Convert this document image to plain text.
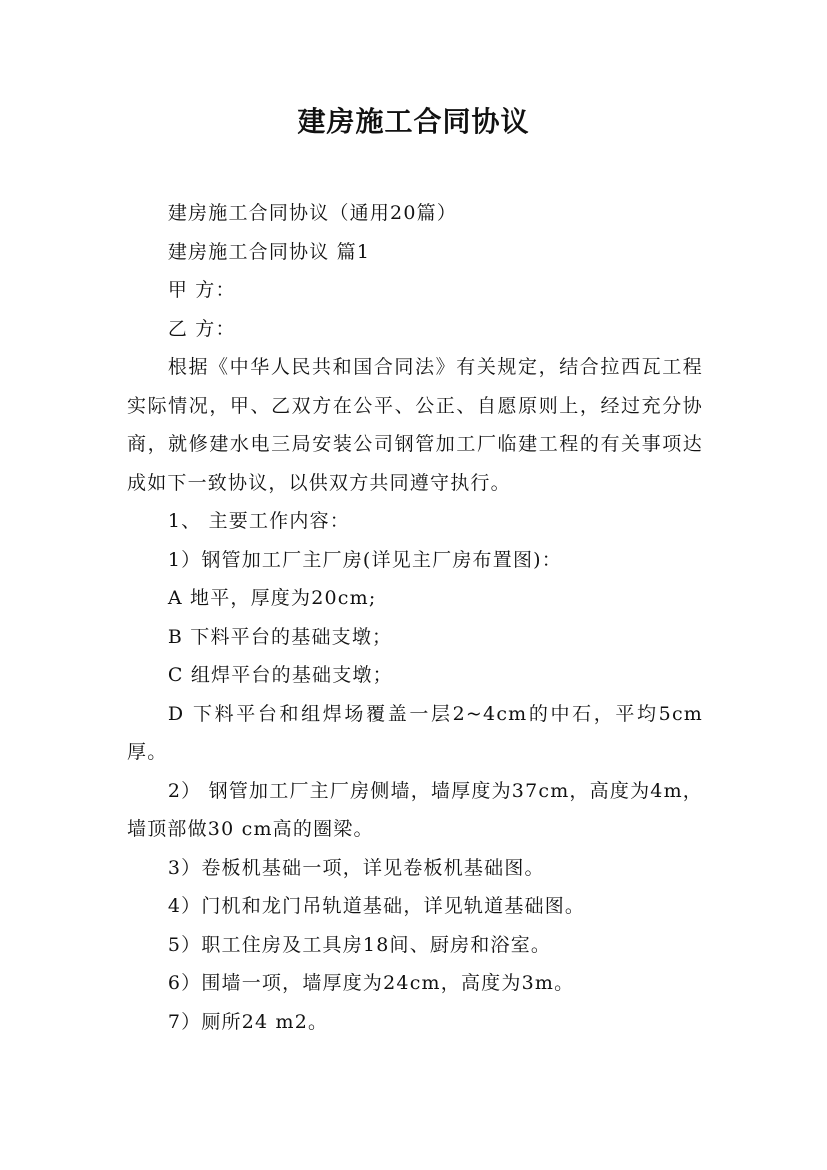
建房施工合同协议

建房施工合同协议（通用20篇）

建房施工合同协议 篇1

甲 方：

乙 方：

根据《中华人民共和国合同法》有关规定，结合拉西瓦工程实际情况，甲、乙双方在公平、公正、自愿原则上，经过充分协商，就修建水电三局安装公司钢管加工厂临建工程的有关事项达成如下一致协议，以供双方共同遵守执行。

1、 主要工作内容：

1）钢管加工厂主厂房(详见主厂房布置图)：

A 地平，厚度为20cm;

B 下料平台的基础支墩；

C 组焊平台的基础支墩；

D 下料平台和组焊场覆盖一层2~4cm的中石，平均5cm厚。

2） 钢管加工厂主厂房侧墙，墙厚度为37cm，高度为4m，墙顶部做30 cm高的圈梁。

3）卷板机基础一项，详见卷板机基础图。

4）门机和龙门吊轨道基础，详见轨道基础图。

5）职工住房及工具房18间、厨房和浴室。

6）围墙一项，墙厚度为24cm，高度为3m。

7）厕所24 m2。
